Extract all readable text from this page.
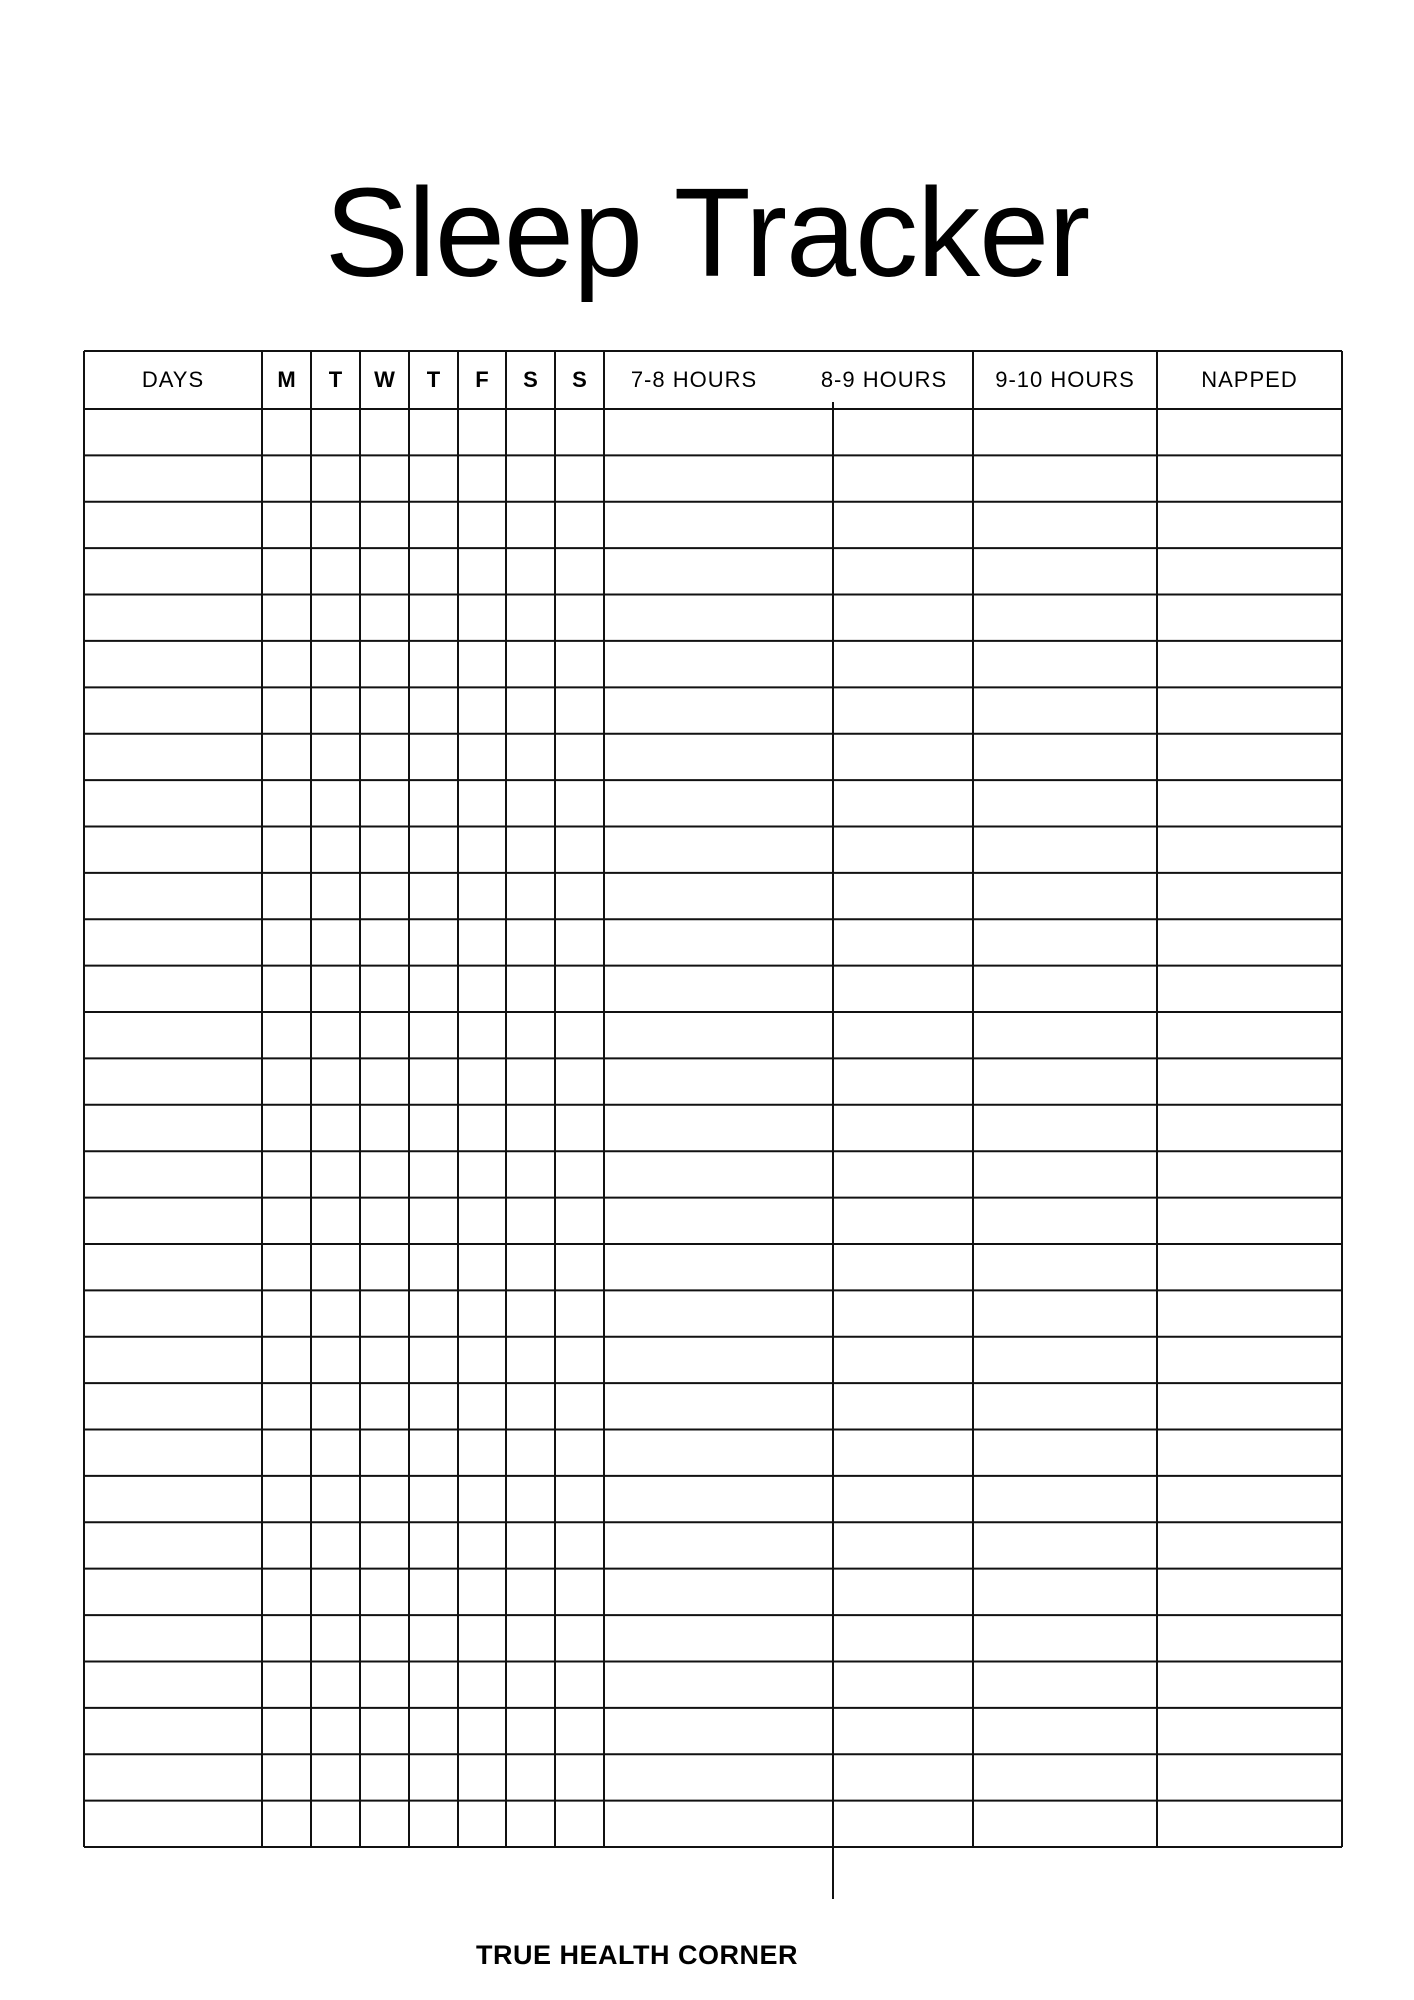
Sleep Tracker
DAYS	M	T	W	T	F	S	S	7-8 HOURS	8-9 HOURS	9-10 HOURS	NAPPED
TRUE HEALTH CORNER
